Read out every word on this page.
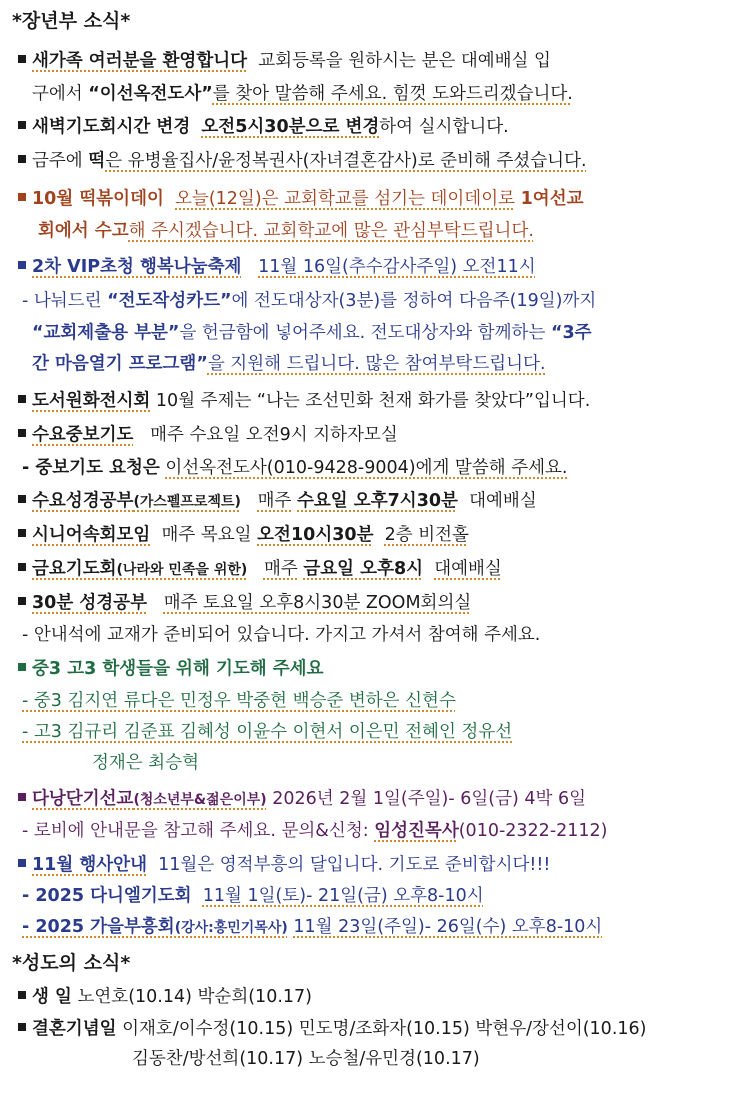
*장년부 소식*
새가족 여러분을 환영합니다 교회등록을 원하시는 분은 대예배실 입
구에서 “이선옥전도사”를 찾아 말씀해 주세요. 힘껏 도와드리겠습니다.
새벽기도회시간 변경 오전5시30분으로 변경하여 실시합니다.
금주에 떡은 유병율집사/윤정복권사(자녀결혼감사)로 준비해 주셨습니다.
10월 떡볶이데이 오늘(12일)은 교회학교를 섬기는 데이데이로 1여선교
회에서 수고해 주시겠습니다. 교회학교에 많은 관심부탁드립니다.
2차 VIP초청 행복나눔축제 11월 16일(추수감사주일) 오전11시
- 나눠드린 “전도작성카드”에 전도대상자(3분)를 정하여 다음주(19일)까지
“교회제출용 부분”을 헌금함에 넣어주세요. 전도대상자와 함께하는 “3주
간 마음열기 프로그램”을 지원해 드립니다. 많은 참여부탁드립니다.
도서원화전시회 10월 주제는 “나는 조선민화 천재 화가를 찾았다”입니다.
수요중보기도 매주 수요일 오전9시 지하자모실
- 중보기도 요청은 이선옥전도사(010-9428-9004)에게 말씀해 주세요.
수요성경공부(가스펠프로젝트) 매주 수요일 오후7시30분 대예배실
시니어속회모임 매주 목요일 오전10시30분 2층 비전홀
금요기도회(나라와 민족을 위한) 매주 금요일 오후8시 대예배실
30분 성경공부 매주 토요일 오후8시30분 ZOOM회의실
- 안내석에 교재가 준비되어 있습니다. 가지고 가셔서 참여해 주세요.
중3 고3 학생들을 위해 기도해 주세요
- 중3 김지연 류다은 민정우 박중현 백승준 변하은 신현수
- 고3 김규리 김준표 김혜성 이윤수 이현서 이은민 전혜인 정유선
정재은 최승혁
다낭단기선교(청소년부&젊은이부) 2026년 2월 1일(주일)- 6일(금) 4박 6일
- 로비에 안내문을 참고해 주세요. 문의&신청: 임성진목사(010-2322-2112)
11월 행사안내 11월은 영적부흥의 달입니다. 기도로 준비합시다!!!
- 2025 다니엘기도회 11월 1일(토)- 21일(금) 오후8-10시
- 2025 가을부흥회(강사:홍민기목사) 11월 23일(주일)- 26일(수) 오후8-10시
*성도의 소식*
생 일 노연호(10.14) 박순희(10.17)
결혼기념일 이재호/이수정(10.15) 민도명/조화자(10.15) 박현우/장선이(10.16)
김동찬/방선희(10.17) 노승철/유민경(10.17)
